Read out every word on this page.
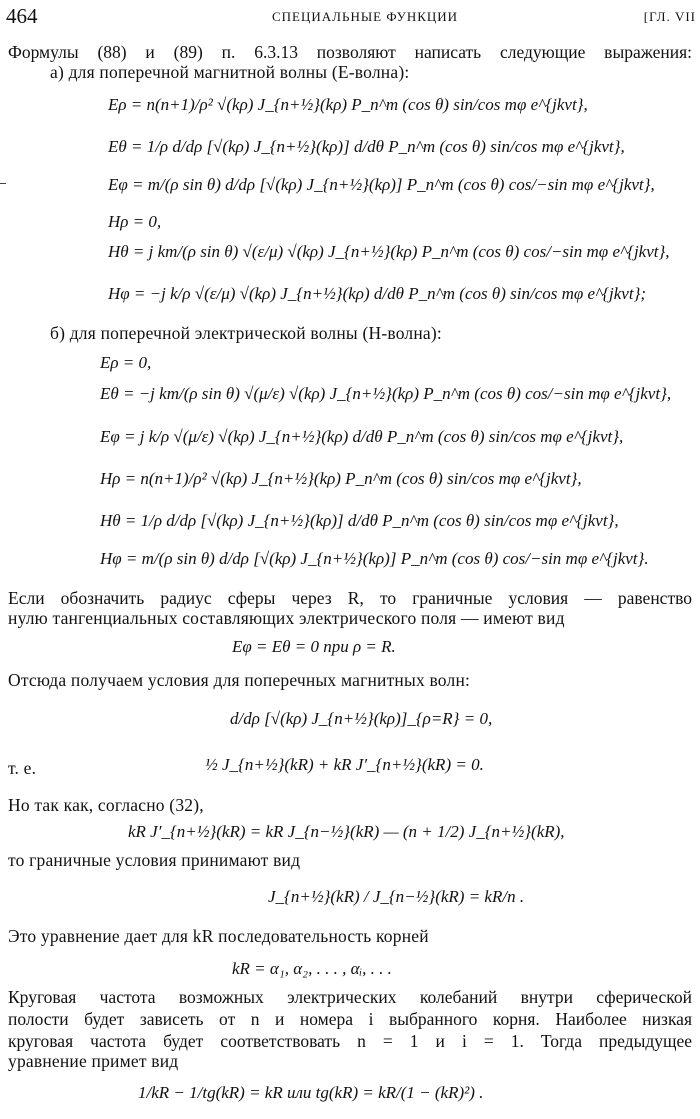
464	СПЕЦИАЛЬНЫЕ ФУНКЦИИ	[ГЛ. VII
Формулы (88) и (89) п. 6.3.13 позволяют написать следующие выражения:
а) для поперечной магнитной волны (E-волна):
Eρ = n(n+1)/ρ² √(kρ) J_{n+½}(kρ) P_n^m (cos θ) sin/cos mφ e^{jkvt},
Eθ = 1/ρ d/dρ [√(kρ) J_{n+½}(kρ)] d/dθ P_n^m (cos θ) sin/cos mφ e^{jkvt},
Eφ = m/(ρ sin θ) d/dρ [√(kρ) J_{n+½}(kρ)] P_n^m (cos θ) cos/−sin mφ e^{jkvt},
Hρ = 0,
Hθ = j km/(ρ sin θ) √(ε/μ) √(kρ) J_{n+½}(kρ) P_n^m (cos θ) cos/−sin mφ e^{jkvt},
Hφ = −j k/ρ √(ε/μ) √(kρ) J_{n+½}(kρ) d/dθ P_n^m (cos θ) sin/cos mφ e^{jkvt};
б) для поперечной электрической волны (H-волна):
Eρ = 0,
Eθ = −j km/(ρ sin θ) √(μ/ε) √(kρ) J_{n+½}(kρ) P_n^m (cos θ) cos/−sin mφ e^{jkvt},
Eφ = j k/ρ √(μ/ε) √(kρ) J_{n+½}(kρ) d/dθ P_n^m (cos θ) sin/cos mφ e^{jkvt},
Hρ = n(n+1)/ρ² √(kρ) J_{n+½}(kρ) P_n^m (cos θ) sin/cos mφ e^{jkvt},
Hθ = 1/ρ d/dρ [√(kρ) J_{n+½}(kρ)] d/dθ P_n^m (cos θ) sin/cos mφ e^{jkvt},
Hφ = m/(ρ sin θ) d/dρ [√(kρ) J_{n+½}(kρ)] P_n^m (cos θ) cos/−sin mφ e^{jkvt}.
Если обозначить радиус сферы через R, то граничные условия — равенство
нулю тангенциальных составляющих электрического поля — имеют вид
Eφ = Eθ = 0 при ρ = R.
Отсюда получаем условия для поперечных магнитных волн:
d/dρ [√(kρ) J_{n+½}(kρ)]_{ρ=R} = 0,
т. е.	½ J_{n+½}(kR) + kR J′_{n+½}(kR) = 0.
Но так как, согласно (32),
kR J′_{n+½}(kR) = kR J_{n−½}(kR) — (n + 1/2) J_{n+½}(kR),
то граничные условия принимают вид
J_{n+½}(kR) / J_{n−½}(kR) = kR/n .
Это уравнение дает для kR последовательность корней
kR = α₁, α₂, . . . , αᵢ, . . .
Круговая частота возможных электрических колебаний внутри сферической
полости будет зависеть от n и номера i выбранного корня. Наиболее низкая
круговая частота будет соответствовать n = 1 и i = 1. Тогда предыдущее
уравнение примет вид
1/kR − 1/tg(kR) = kR или tg(kR) = kR/(1 − (kR)²) .
